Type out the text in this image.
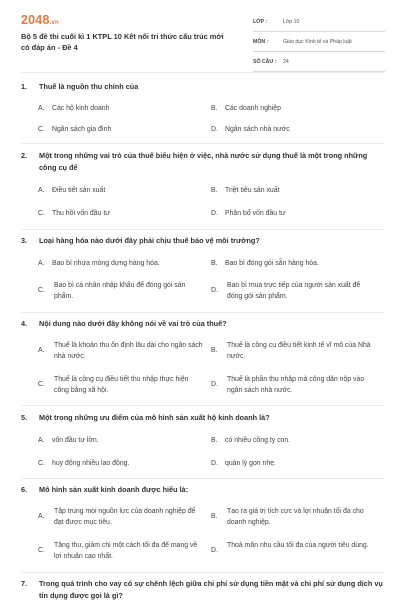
2048.vn
Bộ 5 đề thi cuối kì 1 KTPL 10 Kết nối tri thức cấu trúc mới có đáp án - Đề 4
LỚP :	Lớp 10
MÔN :	Giáo dục Kinh tế và Pháp luật
SỐ CÂU :	24
1.	Thuế là nguồn thu chính của
A.	Các hộ kinh doanh	B.	Các doanh nghiệp
C.	Ngân sách gia đình	D.	Ngân sách nhà nước
2.	Một trong những vai trò của thuế biểu hiện ở việc, nhà nước sử dụng thuế là một trong những công cụ để
A.	Điều tiết sản xuất	B.	Triệt tiêu sản xuất
C.	Thu hồi vốn đầu tư	D.	Phân bổ vốn đầu tư
3.	Loại hàng hóa nào dưới đây phải chịu thuế bảo vệ môi trường?
A.	Bao bì nhựa mỏng dựng hàng hóa.	B.	Bao bì đóng gói sẵn hàng hóa.
C.
Bao bì cá nhân nhập khẩu để đóng gói sản phẩm.
D.
Bao bì mua trực tiếp của người sản xuất để đóng gói sản phẩm.
4.	Nội dung nào dưới đây không nói về vai trò của thuế?
A.
Thuế là khoản thu ổn định lâu dài cho ngân sách nhà nước.
B.
Thuế là công cụ điều tiết kinh tế vĩ mô của Nhà nước.
C.
Thuế là công cụ điều tiết thu nhập thực hiện công bằng xã hội.
D.
Thuế là phần thu nhập mà công dân nộp vào ngân sách nhà nước.
5.	Một trong những ưu điểm của mô hình sản xuất hộ kinh doanh là?
A.	vốn đầu tư lớn.	B.	có nhiều công ty con.
C.	huy động nhiều lao động.	D.	quản lý gọn nhẹ.
6.	Mô hình sản xuất kinh doanh được hiểu là:
A.
Tập trung mọi nguồn lực của doanh nghiệp để đạt được mục tiêu.
B.
Tạo ra giá trị tích cực và lợi nhuận tối đa cho doanh nghiệp.
C.
Tăng thu, giảm chi một cách tối đa để mang về lợi nhuận cao nhất.
D.
Thoả mãn nhu cầu tối đa của người tiêu dùng.
7.	Trong quá trình cho vay có sự chênh lệch giữa chi phí sử dụng tiền mặt và chi phí sử dụng dịch vụ tín dụng được gọi là gì?
